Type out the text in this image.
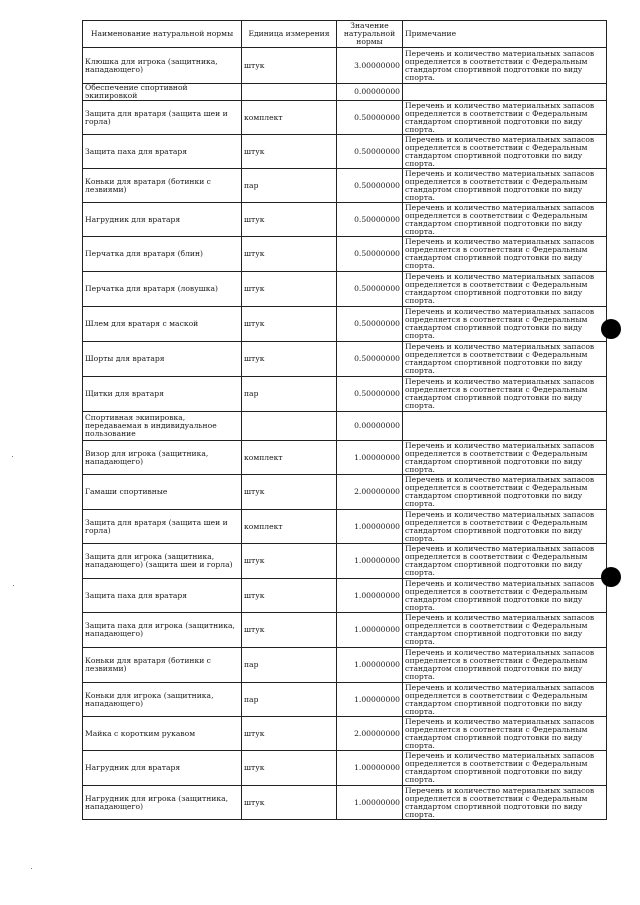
Наименование натуральной нормы	Единица измерения	Значение натуральной нормы	Примечание
Клюшка для игрока (защитника, нападающего)	штук	3.00000000	Перечень и количество материальных запасов определяется в соответствии с Федеральным стандартом спортивной подготовки по виду спорта.
Обеспечение спортивной экипировкой		0.00000000	
Защита для вратаря (защита шеи и горла)	комплект	0.50000000	Перечень и количество материальных запасов определяется в соответствии с Федеральным стандартом спортивной подготовки по виду спорта.
Защита паха для вратаря	штук	0.50000000	Перечень и количество материальных запасов определяется в соответствии с Федеральным стандартом спортивной подготовки по виду спорта.
Коньки для вратаря (ботинки с лезвиями)	пар	0.50000000	Перечень и количество материальных запасов определяется в соответствии с Федеральным стандартом спортивной подготовки по виду спорта.
Нагрудник для вратаря	штук	0.50000000	Перечень и количество материальных запасов определяется в соответствии с Федеральным стандартом спортивной подготовки по виду спорта.
Перчатка для вратаря (блин)	штук	0.50000000	Перечень и количество материальных запасов определяется в соответствии с Федеральным стандартом спортивной подготовки по виду спорта.
Перчатка для вратаря (ловушка)	штук	0.50000000	Перечень и количество материальных запасов определяется в соответствии с Федеральным стандартом спортивной подготовки по виду спорта.
Шлем для вратаря с маской	штук	0.50000000	Перечень и количество материальных запасов определяется в соответствии с Федеральным стандартом спортивной подготовки по виду спорта.
Шорты для вратаря	штук	0.50000000	Перечень и количество материальных запасов определяется в соответствии с Федеральным стандартом спортивной подготовки по виду спорта.
Щитки для вратаря	пар	0.50000000	Перечень и количество материальных запасов определяется в соответствии с Федеральным стандартом спортивной подготовки по виду спорта.
Спортивная экипировка, передаваемая в индивидуальное пользование		0.00000000	
Визор для игрока (защитника, нападающего)	комплект	1.00000000	Перечень и количество материальных запасов определяется в соответствии с Федеральным стандартом спортивной подготовки по виду спорта.
Гамаши спортивные	штук	2.00000000	Перечень и количество материальных запасов определяется в соответствии с Федеральным стандартом спортивной подготовки по виду спорта.
Защита для вратаря (защита шеи и горла)	комплект	1.00000000	Перечень и количество материальных запасов определяется в соответствии с Федеральным стандартом спортивной подготовки по виду спорта.
Защита для игрока (защитника, нападающего) (защита шеи и горла)	штук	1.00000000	Перечень и количество материальных запасов определяется в соответствии с Федеральным стандартом спортивной подготовки по виду спорта.
Защита паха для вратаря	штук	1.00000000	Перечень и количество материальных запасов определяется в соответствии с Федеральным стандартом спортивной подготовки по виду спорта.
Защита паха для игрока (защитника, нападающего)	штук	1.00000000	Перечень и количество материальных запасов определяется в соответствии с Федеральным стандартом спортивной подготовки по виду спорта.
Коньки для вратаря (ботинки с лезвиями)	пар	1.00000000	Перечень и количество материальных запасов определяется в соответствии с Федеральным стандартом спортивной подготовки по виду спорта.
Коньки для игрока (защитника, нападающего)	пар	1.00000000	Перечень и количество материальных запасов определяется в соответствии с Федеральным стандартом спортивной подготовки по виду спорта.
Майка с коротким рукавом	штук	2.00000000	Перечень и количество материальных запасов определяется в соответствии с Федеральным стандартом спортивной подготовки по виду спорта.
Нагрудник для вратаря	штук	1.00000000	Перечень и количество материальных запасов определяется в соответствии с Федеральным стандартом спортивной подготовки по виду спорта.
Нагрудник для игрока (защитника, нападающего)	штук	1.00000000	Перечень и количество материальных запасов определяется в соответствии с Федеральным стандартом спортивной подготовки по виду спорта.
